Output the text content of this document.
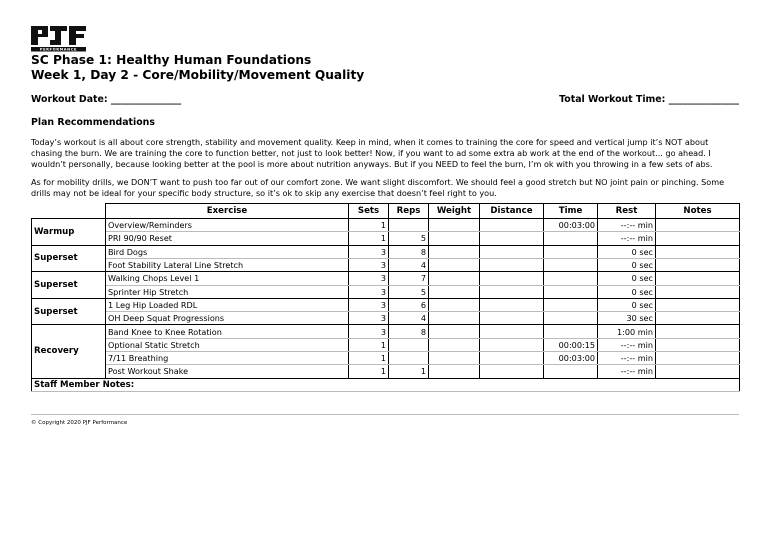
PERFORMANCE
SC Phase 1: Healthy Human Foundations
Week 1, Day 2 - Core/Mobility/Movement Quality
Workout Date: _______________	Total Workout Time: _______________
Plan Recommendations
Today’s workout is all about core strength, stability and movement quality. Keep in mind, when it comes to training the core for speed and vertical jump it’s NOT about chasing the burn. We are training the core to function better, not just to look better! Now, if you want to ad some extra ab work at the end of the workout... go ahead. I wouldn’t personally, because looking better at the pool is more about nutrition anyways. But if you NEED to feel the burn, I’m ok with you throwing in a few sets of abs.
As for mobility drills, we DON’T want to push too far out of our comfort zone. We want slight discomfort. We should feel a good stretch but NO joint pain or pinching. Some drills may not be ideal for your specific body structure, so it’s ok to skip any exercise that doesn’t feel right to you.
	Exercise	Sets	Reps	Weight	Distance	Time	Rest	Notes
Warmup	Overview/Reminders	1				00:03:00	--:-- min	
	PRI 90/90 Reset	1	5				--:-- min	
Superset	Bird Dogs	3	8				0 sec	
	Foot Stability Lateral Line Stretch	3	4				0 sec	
Superset	Walking Chops Level 1	3	7				0 sec	
	Sprinter Hip Stretch	3	5				0 sec	
Superset	1 Leg Hip Loaded RDL	3	6				0 sec	
	OH Deep Squat Progressions	3	4				30 sec	
Recovery	Band Knee to Knee Rotation	3	8				1:00 min	
	Optional Static Stretch	1				00:00:15	--:-- min	
	7/11 Breathing	1				00:03:00	--:-- min	
	Post Workout Shake	1	1				--:-- min	
Staff Member Notes:								
© Copyright 2020 PJF Performance
